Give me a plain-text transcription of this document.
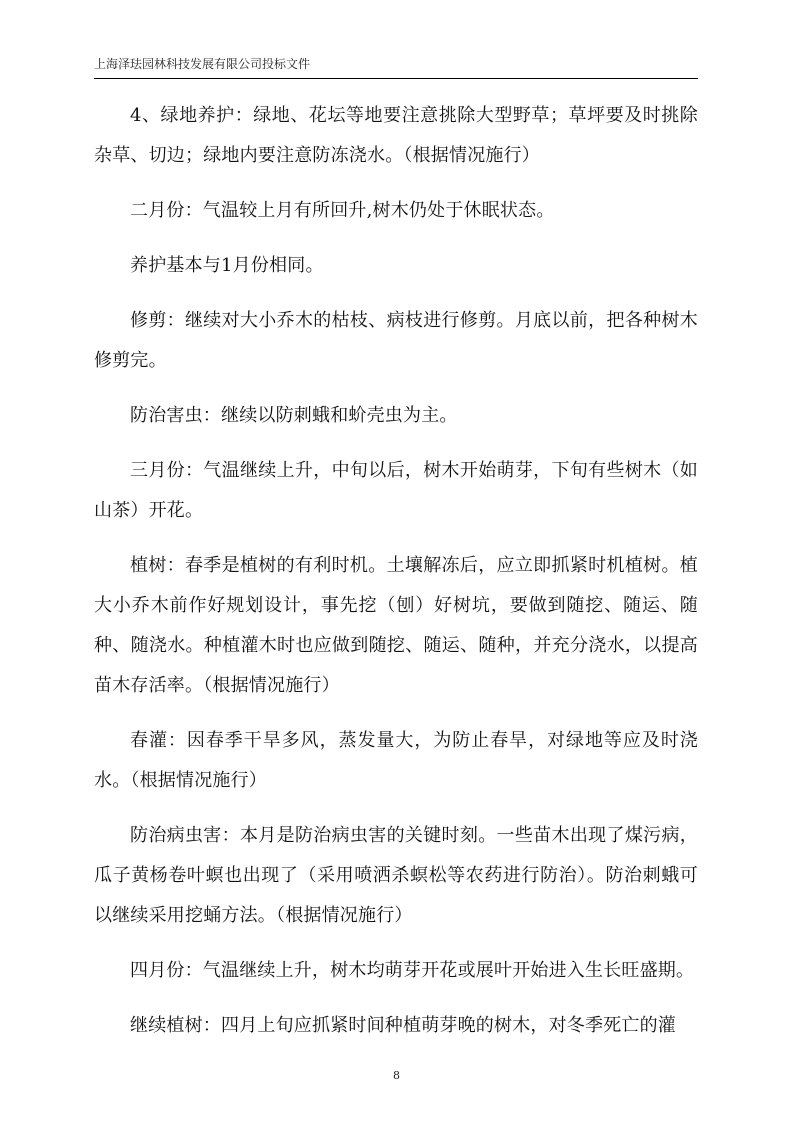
上海泽珐园林科技发展有限公司投标文件

4、绿地养护：绿地、花坛等地要注意挑除大型野草；草坪要及时挑除杂草、切边；绿地内要注意防冻浇水。（根据情况施行）

二月份：气温较上月有所回升,树木仍处于休眠状态。

养护基本与1月份相同。

修剪：继续对大小乔木的枯枝、病枝进行修剪。月底以前，把各种树木修剪完。

防治害虫：继续以防刺蛾和蚧壳虫为主。

三月份：气温继续上升，中旬以后，树木开始萌芽，下旬有些树木（如山茶）开花。

植树：春季是植树的有利时机。土壤解冻后，应立即抓紧时机植树。植大小乔木前作好规划设计，事先挖（刨）好树坑，要做到随挖、随运、随种、随浇水。种植灌木时也应做到随挖、随运、随种，并充分浇水，以提高苗木存活率。（根据情况施行）

春灌：因春季干旱多风，蒸发量大，为防止春旱，对绿地等应及时浇水。（根据情况施行）

防治病虫害：本月是防治病虫害的关键时刻。一些苗木出现了煤污病，瓜子黄杨卷叶螟也出现了（采用喷洒杀螟松等农药进行防治）。防治刺蛾可以继续采用挖蛹方法。（根据情况施行）

四月份：气温继续上升，树木均萌芽开花或展叶开始进入生长旺盛期。

继续植树：四月上旬应抓紧时间种植萌芽晚的树木，对冬季死亡的灌

8
